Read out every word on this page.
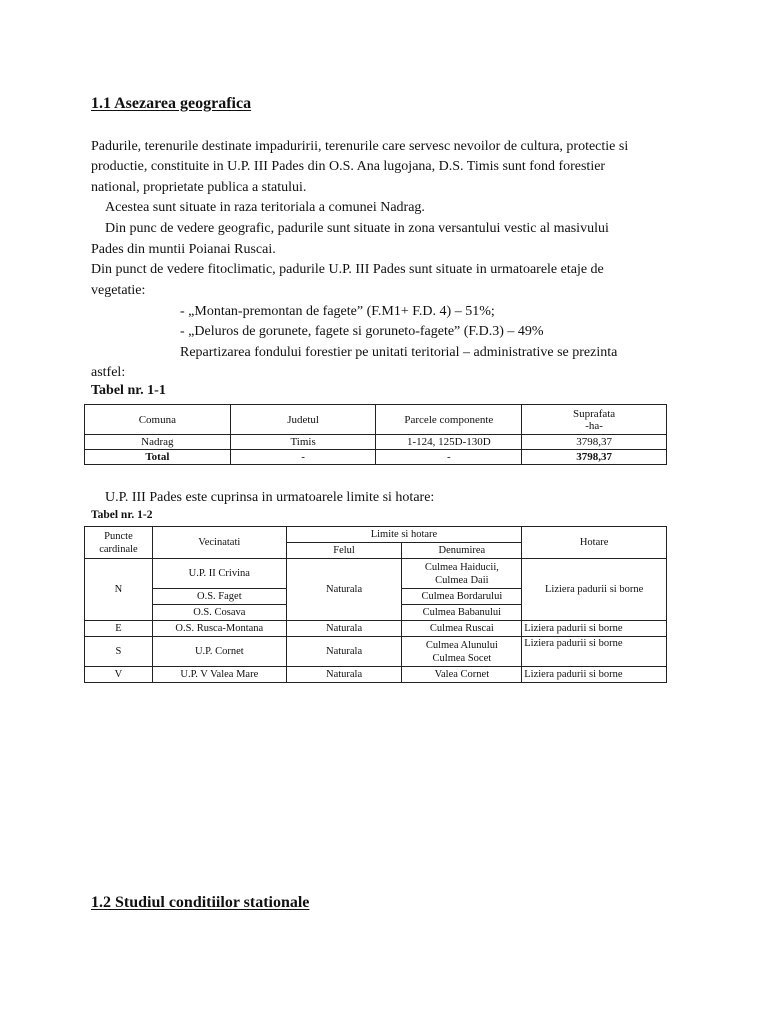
1.1 Asezarea geografica

Padurile, terenurile destinate impaduririi, terenurile care servesc nevoilor de cultura, protectie si

productie, constituite in U.P. III Pades din O.S. Ana lugojana, D.S. Timis sunt fond forestier

national, proprietate publica a statului.

Acestea sunt situate in raza teritoriala a comunei Nadrag.

Din punc de vedere geografic, padurile sunt situate in zona versantului vestic al masivului

Pades din muntii Poianai Ruscai.

Din punct de vedere fitoclimatic, padurile U.P. III Pades sunt situate in urmatoarele etaje de

vegetatie:

- „Montan-premontan de fagete” (F.M1+ F.D. 4) – 51%;

- „Deluros de gorunete, fagete si goruneto-fagete” (F.D.3) – 49%

Repartizarea fondului forestier pe unitati teritorial – administrative se prezinta

astfel:

Tabel nr. 1-1

Comuna	Judetul	Parcele componente	Suprafata
-ha-

Nadrag	Timis	1-124, 125D-130D	3798,37
Total	-	-	3798,37

U.P. III Pades este cuprinsa in urmatoarele limite si hotare:

Tabel nr. 1-2

Puncte
cardinale	Vecinatati	Limite si hotare		Hotare
		Felul	Denumirea	
N	U.P. II Crivina	Naturala	Culmea Haiducii,
Culmea Daii	Liziera padurii si borne
	O.S. Faget		Culmea Bordarului	
	O.S. Cosava		Culmea Babanului	
E	O.S. Rusca-Montana	Naturala	Culmea Ruscai	Liziera padurii si borne
S	U.P. Cornet	Naturala	Culmea Alunului
Culmea Socet	Liziera padurii si borne
V	U.P. V Valea Mare	Naturala	Valea Cornet	Liziera padurii si borne
1.2 Studiul conditiilor stationale
